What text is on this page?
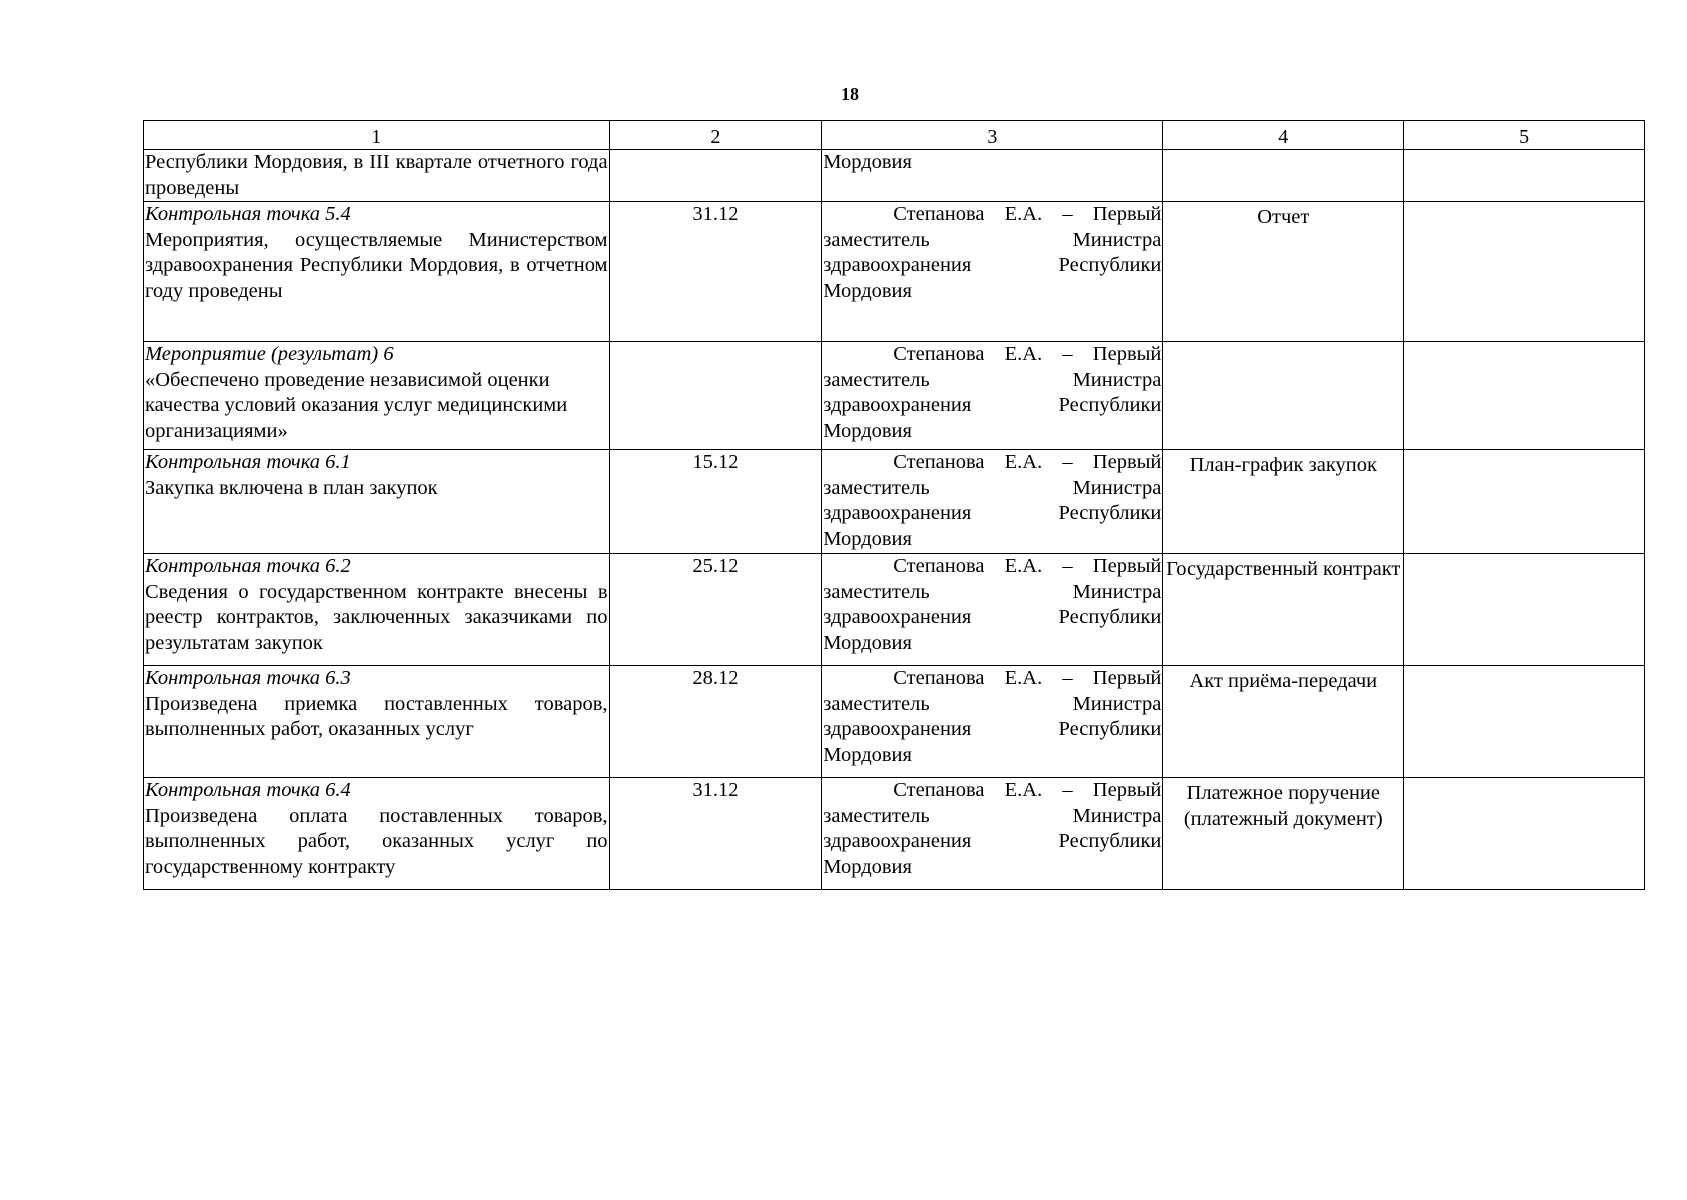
18
1	2	3	4	5

Республики Мордовия, в III квартале отчетного года проведены		Мордовия		

Контрольная точка 5.4
Мероприятия, осуществляемые Министерством здравоохранения Республики Мордовия, в отчетном году проведены	31.12	Степанова Е.А. – Первый заместитель Министра здравоохранения Республики Мордовия	Отчет	

Мероприятие (результат) 6
«Обеспечено проведение независимой оценки качества условий оказания услуг медицинскими организациями»		Степанова Е.А. – Первый заместитель Министра здравоохранения Республики Мордовия		

Контрольная точка 6.1
Закупка включена в план закупок	15.12	Степанова Е.А. – Первый заместитель Министра здравоохранения Республики Мордовия	План-график закупок	

Контрольная точка 6.2
Сведения о государственном контракте внесены в реестр контрактов, заключенных заказчиками по результатам закупок	25.12	Степанова Е.А. – Первый заместитель Министра здравоохранения Республики Мордовия	Государственный контракт	

Контрольная точка 6.3
Произведена приемка поставленных товаров, выполненных работ, оказанных услуг	28.12	Степанова Е.А. – Первый заместитель Министра здравоохранения Республики Мордовия	Акт приёма-передачи	

Контрольная точка 6.4
Произведена оплата поставленных товаров, выполненных работ, оказанных услуг по государственному контракту	31.12	Степанова Е.А. – Первый заместитель Министра здравоохранения Республики Мордовия	Платежное поручение (платежный документ)	
